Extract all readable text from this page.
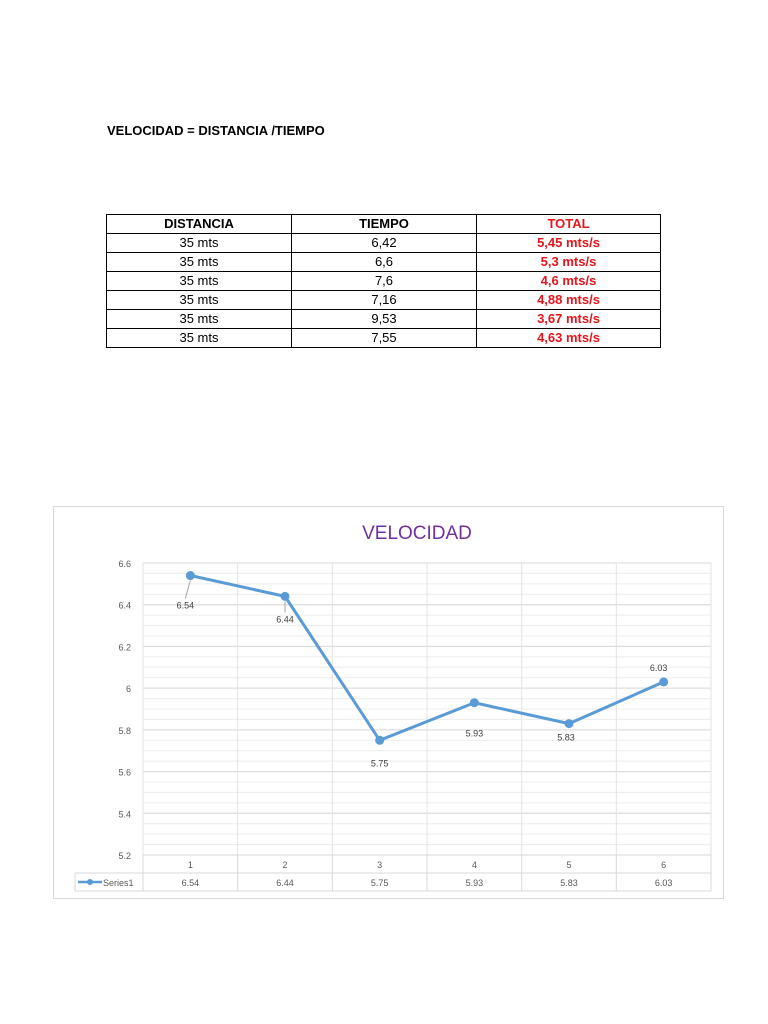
VELOCIDAD = DISTANCIA /TIEMPO
DISTANCIA	TIEMPO	TOTAL
35 mts	6,42	5,45 mts/s
35 mts	6,6	5,3 mts/s
35 mts	7,6	4,6 mts/s
35 mts	7,16	4,88 mts/s
35 mts	9,53	3,67 mts/s
35 mts	7,55	4,63 mts/s
VELOCIDAD
6.6
6.4
6.2
6
5.8
5.6
5.4
5.2
1	2	3	4	5	6
Series1	6.54	6.44	5.75	5.93	5.83	6.03
6.54
6.44
5.75
5.93	5.83
6.03
